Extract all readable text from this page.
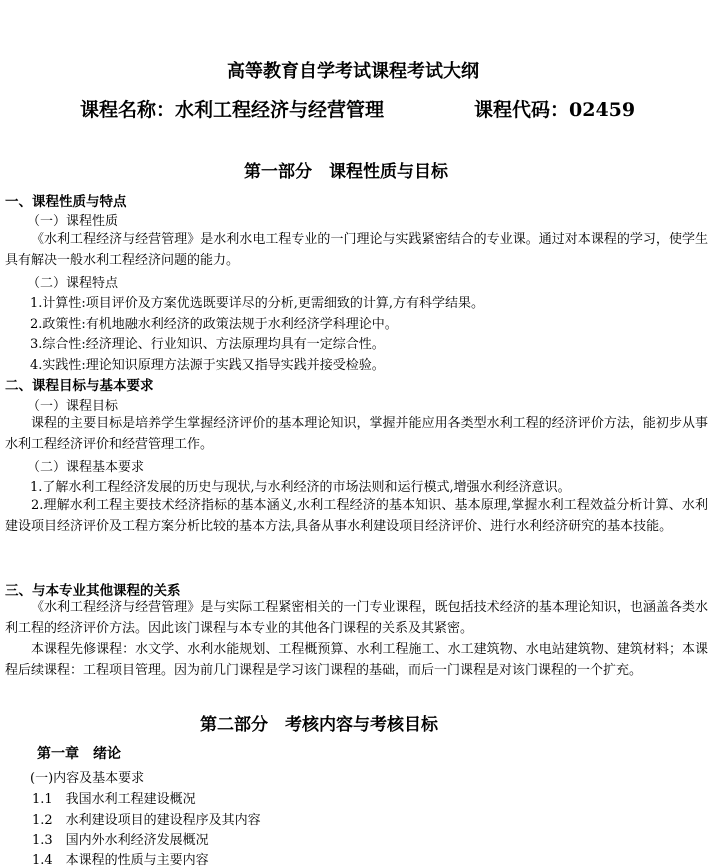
高等教育自学考试课程考试大纲
课程名称：水利工程经济与经营管理	课程代码：02459
第一部分　课程性质与目标
一、课程性质与特点
（一）课程性质
《水利工程经济与经营管理》是水利水电工程专业的一门理论与实践紧密结合的专业课。通过对本课程的学习，使学生具有解决一般水利工程经济问题的能力。
（二）课程特点
1.计算性:项目评价及方案优选既要详尽的分析,更需细致的计算,方有科学结果。
2.政策性:有机地融水利经济的政策法规于水利经济学科理论中。
3.综合性:经济理论、行业知识、方法原理均具有一定综合性。
4.实践性:理论知识原理方法源于实践又指导实践并接受检验。
二、课程目标与基本要求
（一）课程目标
课程的主要目标是培养学生掌握经济评价的基本理论知识，掌握并能应用各类型水利工程的经济评价方法，能初步从事水利工程经济评价和经营管理工作。
（二）课程基本要求
1.了解水利工程经济发展的历史与现状,与水利经济的市场法则和运行模式,增强水利经济意识。
2.理解水利工程主要技术经济指标的基本涵义,水利工程经济的基本知识、基本原理,掌握水利工程效益分析计算、水利建设项目经济评价及工程方案分析比较的基本方法,具备从事水利建设项目经济评价、进行水利经济研究的基本技能。
三、与本专业其他课程的关系
《水利工程经济与经营管理》是与实际工程紧密相关的一门专业课程，既包括技术经济的基本理论知识，也涵盖各类水利工程的经济评价方法。因此该门课程与本专业的其他各门课程的关系及其紧密。
本课程先修课程：水文学、水利水能规划、工程概预算、水利工程施工、水工建筑物、水电站建筑物、建筑材料；本课程后续课程：工程项目管理。因为前几门课程是学习该门课程的基础，而后一门课程是对该门课程的一个扩充。
第二部分　考核内容与考核目标
第一章　绪论
(一)内容及基本要求
1.1　我国水利工程建设概况
1.2　水利建设项目的建设程序及其内容
1.3　国内外水利经济发展概况
1.4　本课程的性质与主要内容
